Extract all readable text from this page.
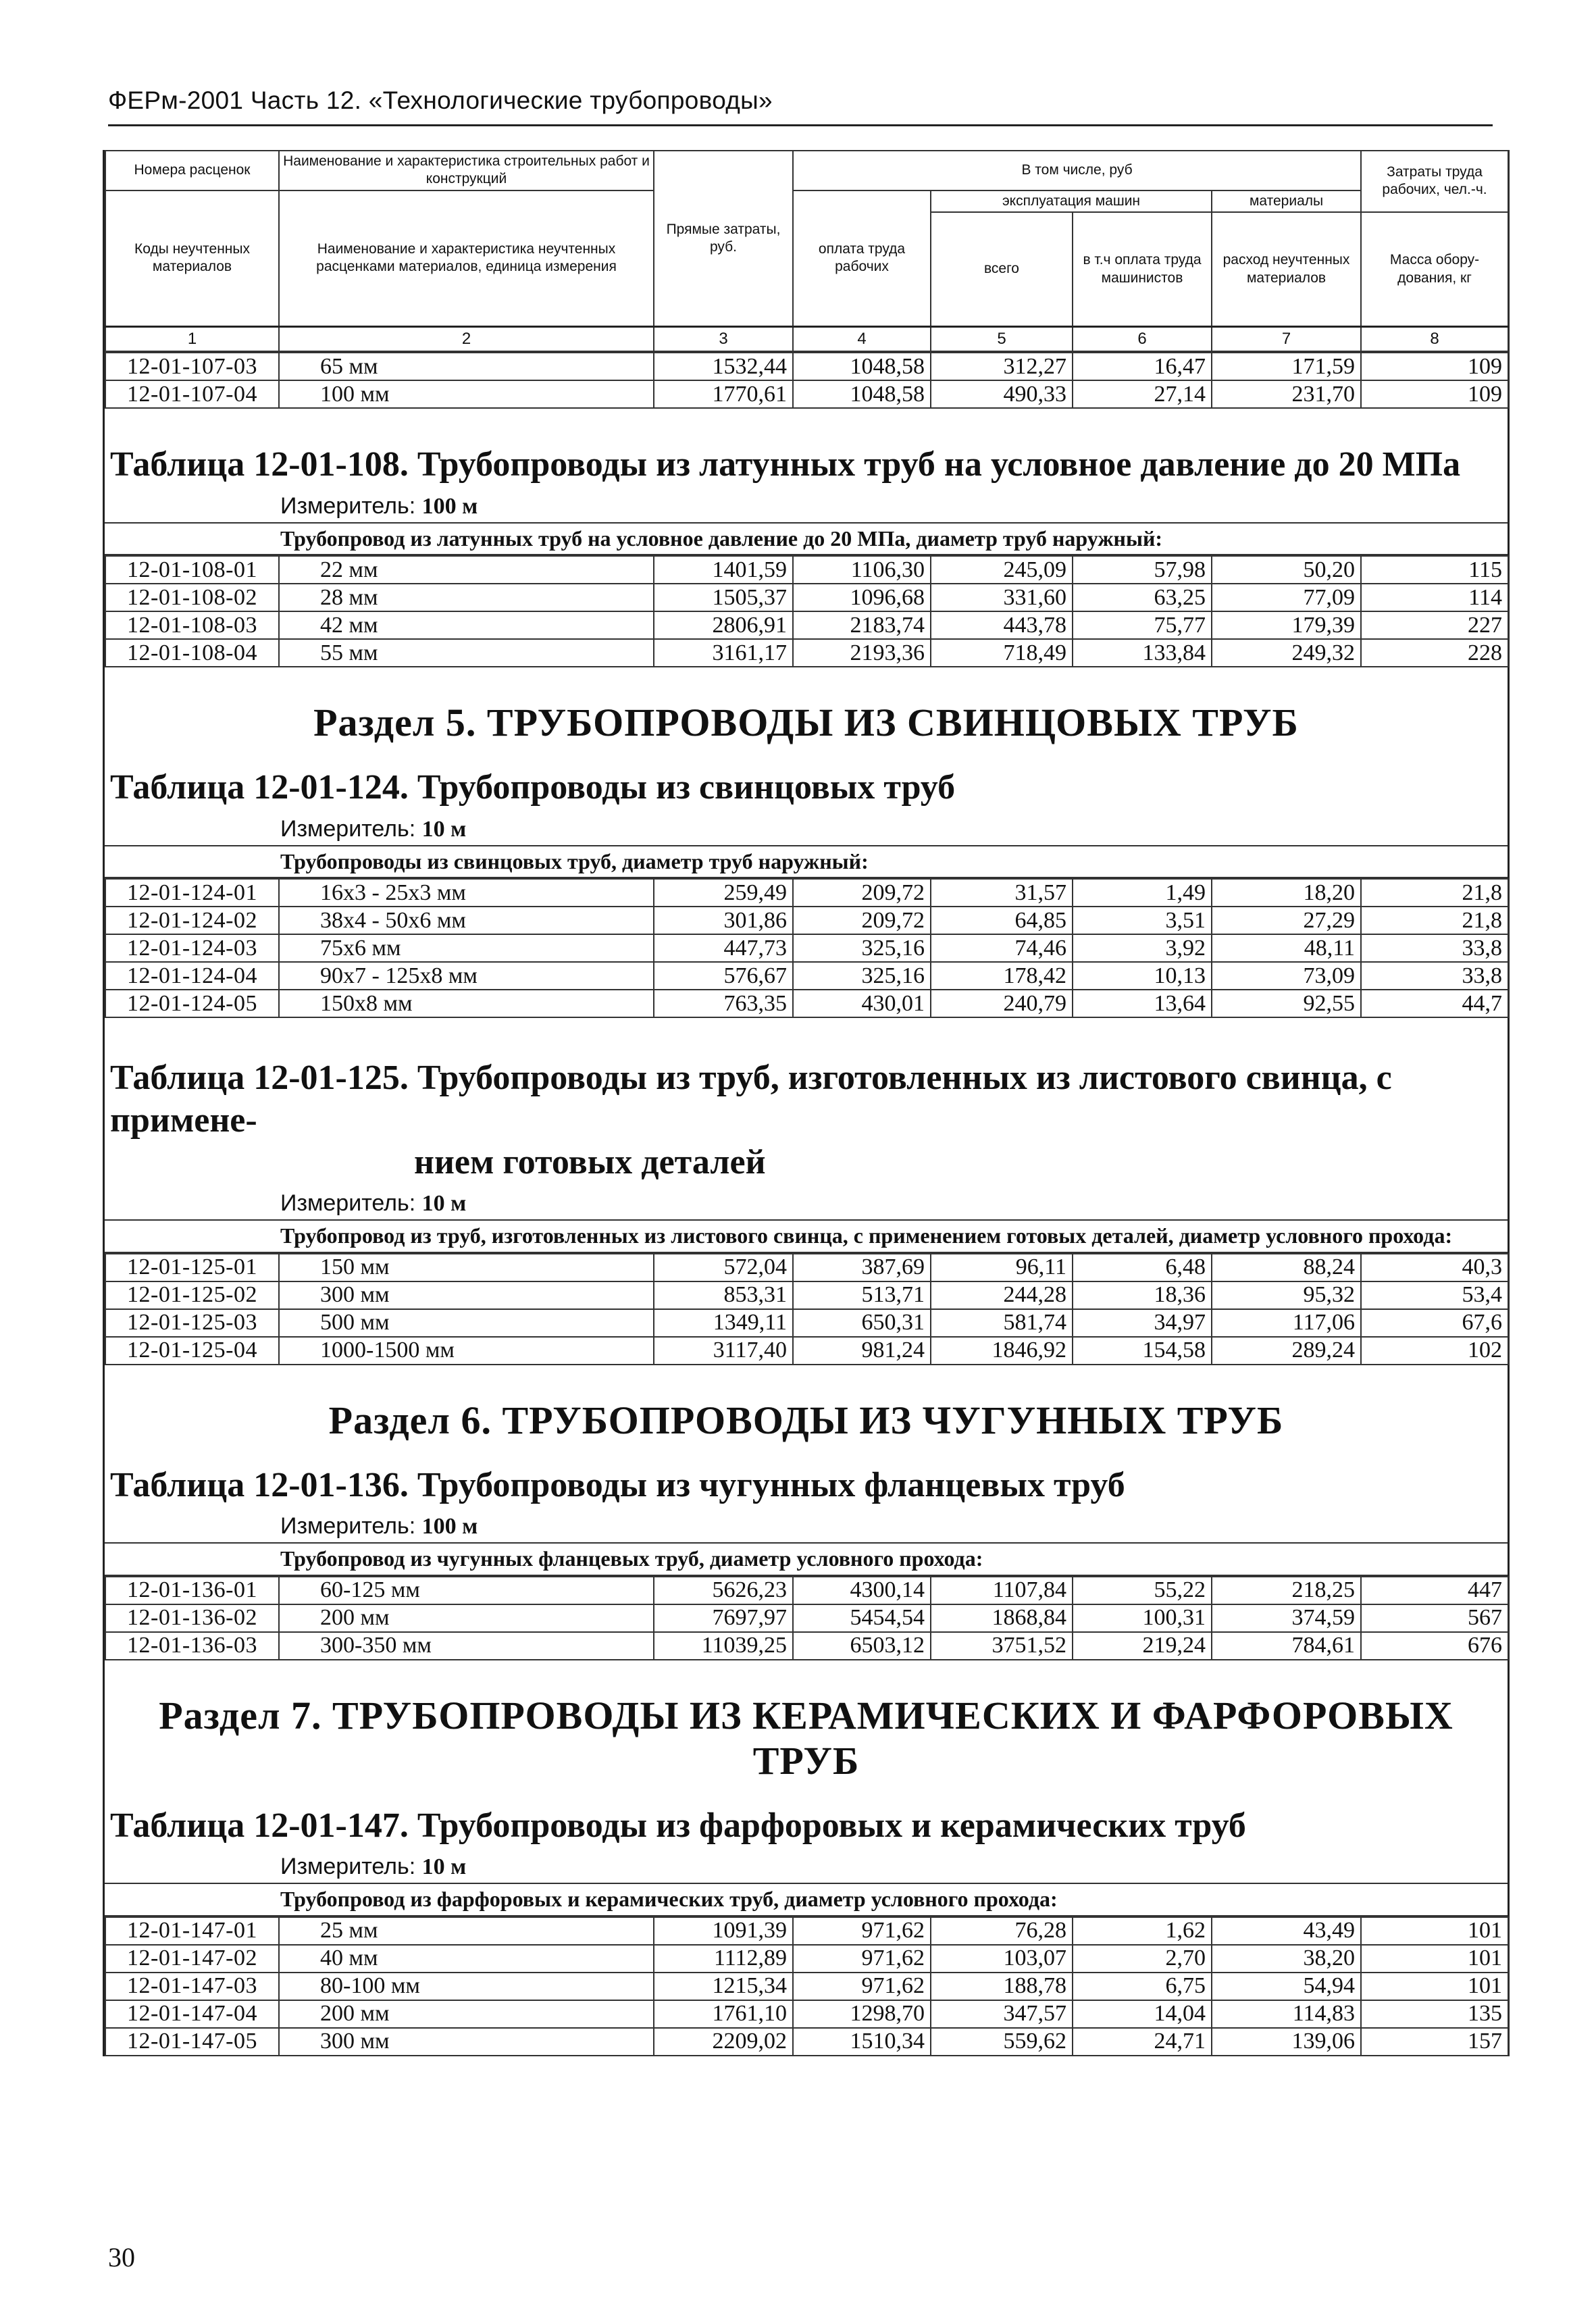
ФЕРм-2001 Часть 12. «Технологические трубопроводы»
Номера расценок	Наименование и характеристика строительных работ и конструкций	Прямые затраты, руб.	В том числе, руб				Затраты труда рабочих, чел.-ч.
Коды неучтенных материалов	Наименование и характеристика неучтенных расценками материалов, единица измерения		оплата труда рабочих	эксплуатация машин		материалы	
				всего	в т.ч оплата труда машинистов	расход неучтенных материалов	Масса обору-дования, кг
1	2	3	4	5	6	7	8
12-01-107-03	65 мм	1532,44	1048,58	312,27	16,47	171,59	109
12-01-107-04	100 мм	1770,61	1048,58	490,33	27,14	231,70	109
Таблица 12-01-108. Трубопроводы из латунных труб на условное давление до 20 МПа
Измеритель: 100 м
Трубопровод из латунных труб на условное давление до 20 МПа, диаметр труб наружный:
12-01-108-01	22 мм	1401,59	1106,30	245,09	57,98	50,20	115
12-01-108-02	28 мм	1505,37	1096,68	331,60	63,25	77,09	114
12-01-108-03	42 мм	2806,91	2183,74	443,78	75,77	179,39	227
12-01-108-04	55 мм	3161,17	2193,36	718,49	133,84	249,32	228
Раздел 5. ТРУБОПРОВОДЫ ИЗ СВИНЦОВЫХ ТРУБ
Таблица 12-01-124. Трубопроводы из свинцовых труб
Измеритель: 10 м
Трубопроводы из свинцовых труб, диаметр труб наружный:
12-01-124-01	16х3 - 25х3 мм	259,49	209,72	31,57	1,49	18,20	21,8
12-01-124-02	38х4 - 50х6 мм	301,86	209,72	64,85	3,51	27,29	21,8
12-01-124-03	75х6 мм	447,73	325,16	74,46	3,92	48,11	33,8
12-01-124-04	90х7 - 125х8 мм	576,67	325,16	178,42	10,13	73,09	33,8
12-01-124-05	150х8 мм	763,35	430,01	240,79	13,64	92,55	44,7
Таблица 12-01-125. Трубопроводы из труб, изготовленных из листового свинца, с примене-
нием готовых деталей
Измеритель: 10 м
Трубопровод из труб, изготовленных из листового свинца, с применением готовых деталей, диаметр условного прохода:
12-01-125-01	150 мм	572,04	387,69	96,11	6,48	88,24	40,3
12-01-125-02	300 мм	853,31	513,71	244,28	18,36	95,32	53,4
12-01-125-03	500 мм	1349,11	650,31	581,74	34,97	117,06	67,6
12-01-125-04	1000-1500 мм	3117,40	981,24	1846,92	154,58	289,24	102
Раздел 6. ТРУБОПРОВОДЫ ИЗ ЧУГУННЫХ ТРУБ
Таблица 12-01-136. Трубопроводы из чугунных фланцевых труб
Измеритель: 100 м
Трубопровод из чугунных фланцевых труб, диаметр условного прохода:
12-01-136-01	60-125 мм	5626,23	4300,14	1107,84	55,22	218,25	447
12-01-136-02	200 мм	7697,97	5454,54	1868,84	100,31	374,59	567
12-01-136-03	300-350 мм	11039,25	6503,12	3751,52	219,24	784,61	676
Раздел 7. ТРУБОПРОВОДЫ ИЗ КЕРАМИЧЕСКИХ И ФАРФОРОВЫХ ТРУБ
Таблица 12-01-147. Трубопроводы из фарфоровых и керамических труб
Измеритель: 10 м
Трубопровод из фарфоровых и керамических труб, диаметр условного прохода:
12-01-147-01	25 мм	1091,39	971,62	76,28	1,62	43,49	101
12-01-147-02	40 мм	1112,89	971,62	103,07	2,70	38,20	101
12-01-147-03	80-100 мм	1215,34	971,62	188,78	6,75	54,94	101
12-01-147-04	200 мм	1761,10	1298,70	347,57	14,04	114,83	135
12-01-147-05	300 мм	2209,02	1510,34	559,62	24,71	139,06	157
30
